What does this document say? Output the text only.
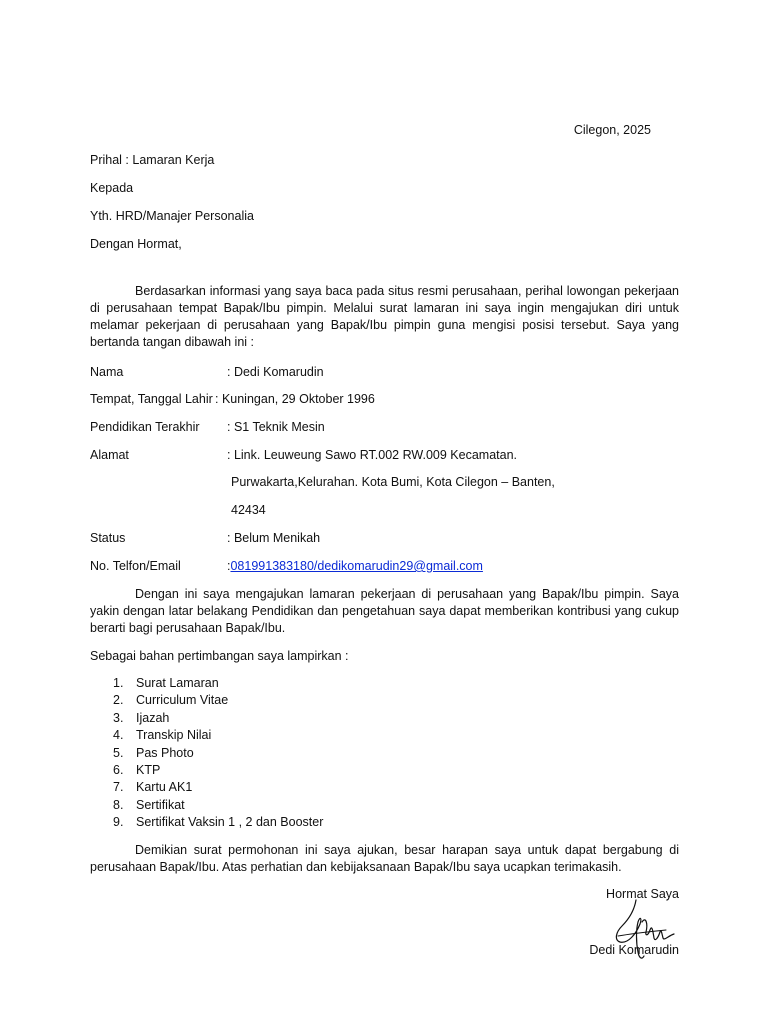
Cilegon, 2025
Prihal : Lamaran Kerja
Kepada
Yth. HRD/Manajer Personalia
Dengan Hormat,
Berdasarkan informasi yang saya baca pada situs resmi perusahaan, perihal lowongan pekerjaan di perusahaan tempat Bapak/Ibu pimpin. Melalui surat lamaran ini saya ingin mengajukan diri untuk melamar pekerjaan di perusahaan yang Bapak/Ibu pimpin guna mengisi posisi tersebut. Saya yang bertanda tangan dibawah ini :
Nama	: Dedi Komarudin
Tempat, Tanggal Lahir : Kuningan, 29 Oktober 1996
Pendidikan Terakhir : S1 Teknik Mesin
Alamat	: Link. Leuweung Sawo RT.002 RW.009 Kecamatan.
Purwakarta,Kelurahan. Kota Bumi, Kota Cilegon – Banten,
42434
Status	: Belum Menikah
No. Telfon/Email	:081991383180/dedikomarudin29@gmail.com
Dengan ini saya mengajukan lamaran pekerjaan di perusahaan yang Bapak/Ibu pimpin. Saya yakin dengan latar belakang Pendidikan dan pengetahuan saya dapat memberikan kontribusi yang cukup berarti bagi perusahaan Bapak/Ibu.
Sebagai bahan pertimbangan saya lampirkan :
1. Surat Lamaran
2. Curriculum Vitae
3. Ijazah
4. Transkip Nilai
5. Pas Photo
6. KTP
7. Kartu AK1
8. Sertifikat
9. Sertifikat Vaksin 1 , 2 dan Booster
Demikian surat permohonan ini saya ajukan, besar harapan saya untuk dapat bergabung di perusahaan Bapak/Ibu. Atas perhatian dan kebijaksanaan Bapak/Ibu saya ucapkan terimakasih.
Hormat Saya
Dedi Komarudin
